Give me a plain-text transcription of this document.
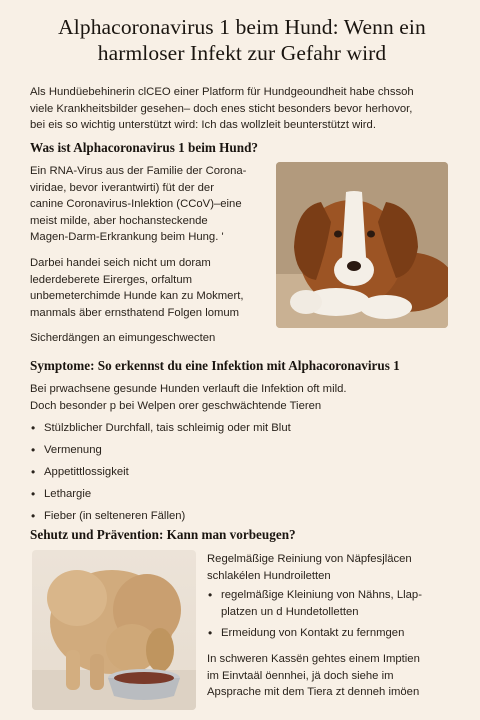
Alphacoronavirus 1 beim Hund: Wenn ein
harmloser Infekt zur Gefahr wird
Als Hundüebehinerin clCEO einer Platform für Hundgeoundheit habe chssoh
viele Krankheitsbilder gesehen– doch enes sticht besonders bevor herhovor,
bei eis so wichtig unterstützt wird: Ich das wollzleit beunterstützt wird.
Was ist Alphacoronavirus 1 beim Hund?
Ein RNA-Virus aus der Familie der Corona-
viridae, bevor ı̇verantwirti) füt der der
canine Coronavirus-Inlektion (CCoV)–eine
meist milde, aber hochansteckende
Magen-Darm-Erkrankung beim Hung. '
Darbei handei seich nicht um doram
lederdeberete Eirerges, orfaltum
unbemeterchimde Hunde kan zu Mokmert,
manmals äber ernsthatend Folgen lomum
Sicherdängen an eimungeschwecten
Symptome: So erkennst du eine Infektion mit Alphacoronavirus 1
Bei prwachsene gesunde Hunden verlauft die Infektion oft mild.
Doch besonder p bei Welpen orer geschwächtende Tieren
• Stülzblicher Durchfall, tais schleimig oder mit Blut
• Vermenung
• Appetittlossigkeit
• Lethargie
• Fieber (in selteneren Fällen)
Sehutz und Prävention: Kann man vorbeugen?
Regelmäßige Reiniung von Näpfesjläcen
schlakélen Hundroiletten
• regelmäßige Kleiniung von Nähns, Llap-
platzen un d Hundetolletten
• Ermeidung von Kontakt zu fernmgen
In schweren Kassën gehtes einem Imptien
im Einvtaäl öennhei, jä doch siehe im
Apsprache mit dem Tiera zt dennеh imöen
